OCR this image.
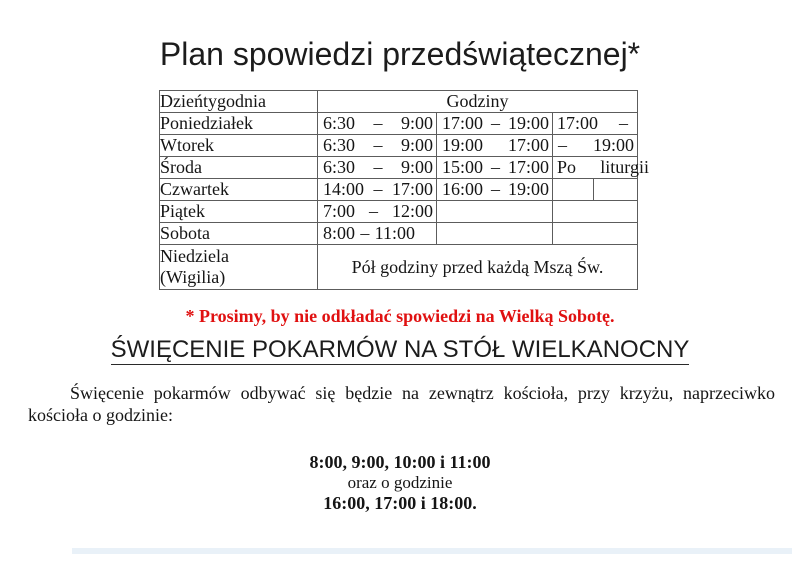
Plan spowiedzi przedświątecznej*
Dzieńtygodnia	Godziny			
Poniedziałek	6:30 – 9:00	17:00 – 19:00	17:00 –	

Wtorek	6:30 – 9:00	19:00 17:00	– 19:00	

Środa	6:30 – 9:00	15:00 – 17:00	Po liturgii	

Czwartek	14:00 – 17:00	16:00 – 19:00		

Piątek	7:00 – 12:00			

Sobota	8:00 – 11:00			

Niedziela
(Wigilia)	Pół godziny przed każdą Mszą Św.			
* Prosimy, by nie odkładać spowiedzi na Wielką Sobotę.
ŚWIĘCENIE POKARMÓW NA STÓŁ WIELKANOCNY
Święcenie pokarmów odbywać się będzie na zewnątrz kościoła, przy krzyżu, naprzeciwko kościoła o godzinie:
8:00, 9:00, 10:00 i 11:00
oraz o godzinie
16:00, 17:00 i 18:00.
